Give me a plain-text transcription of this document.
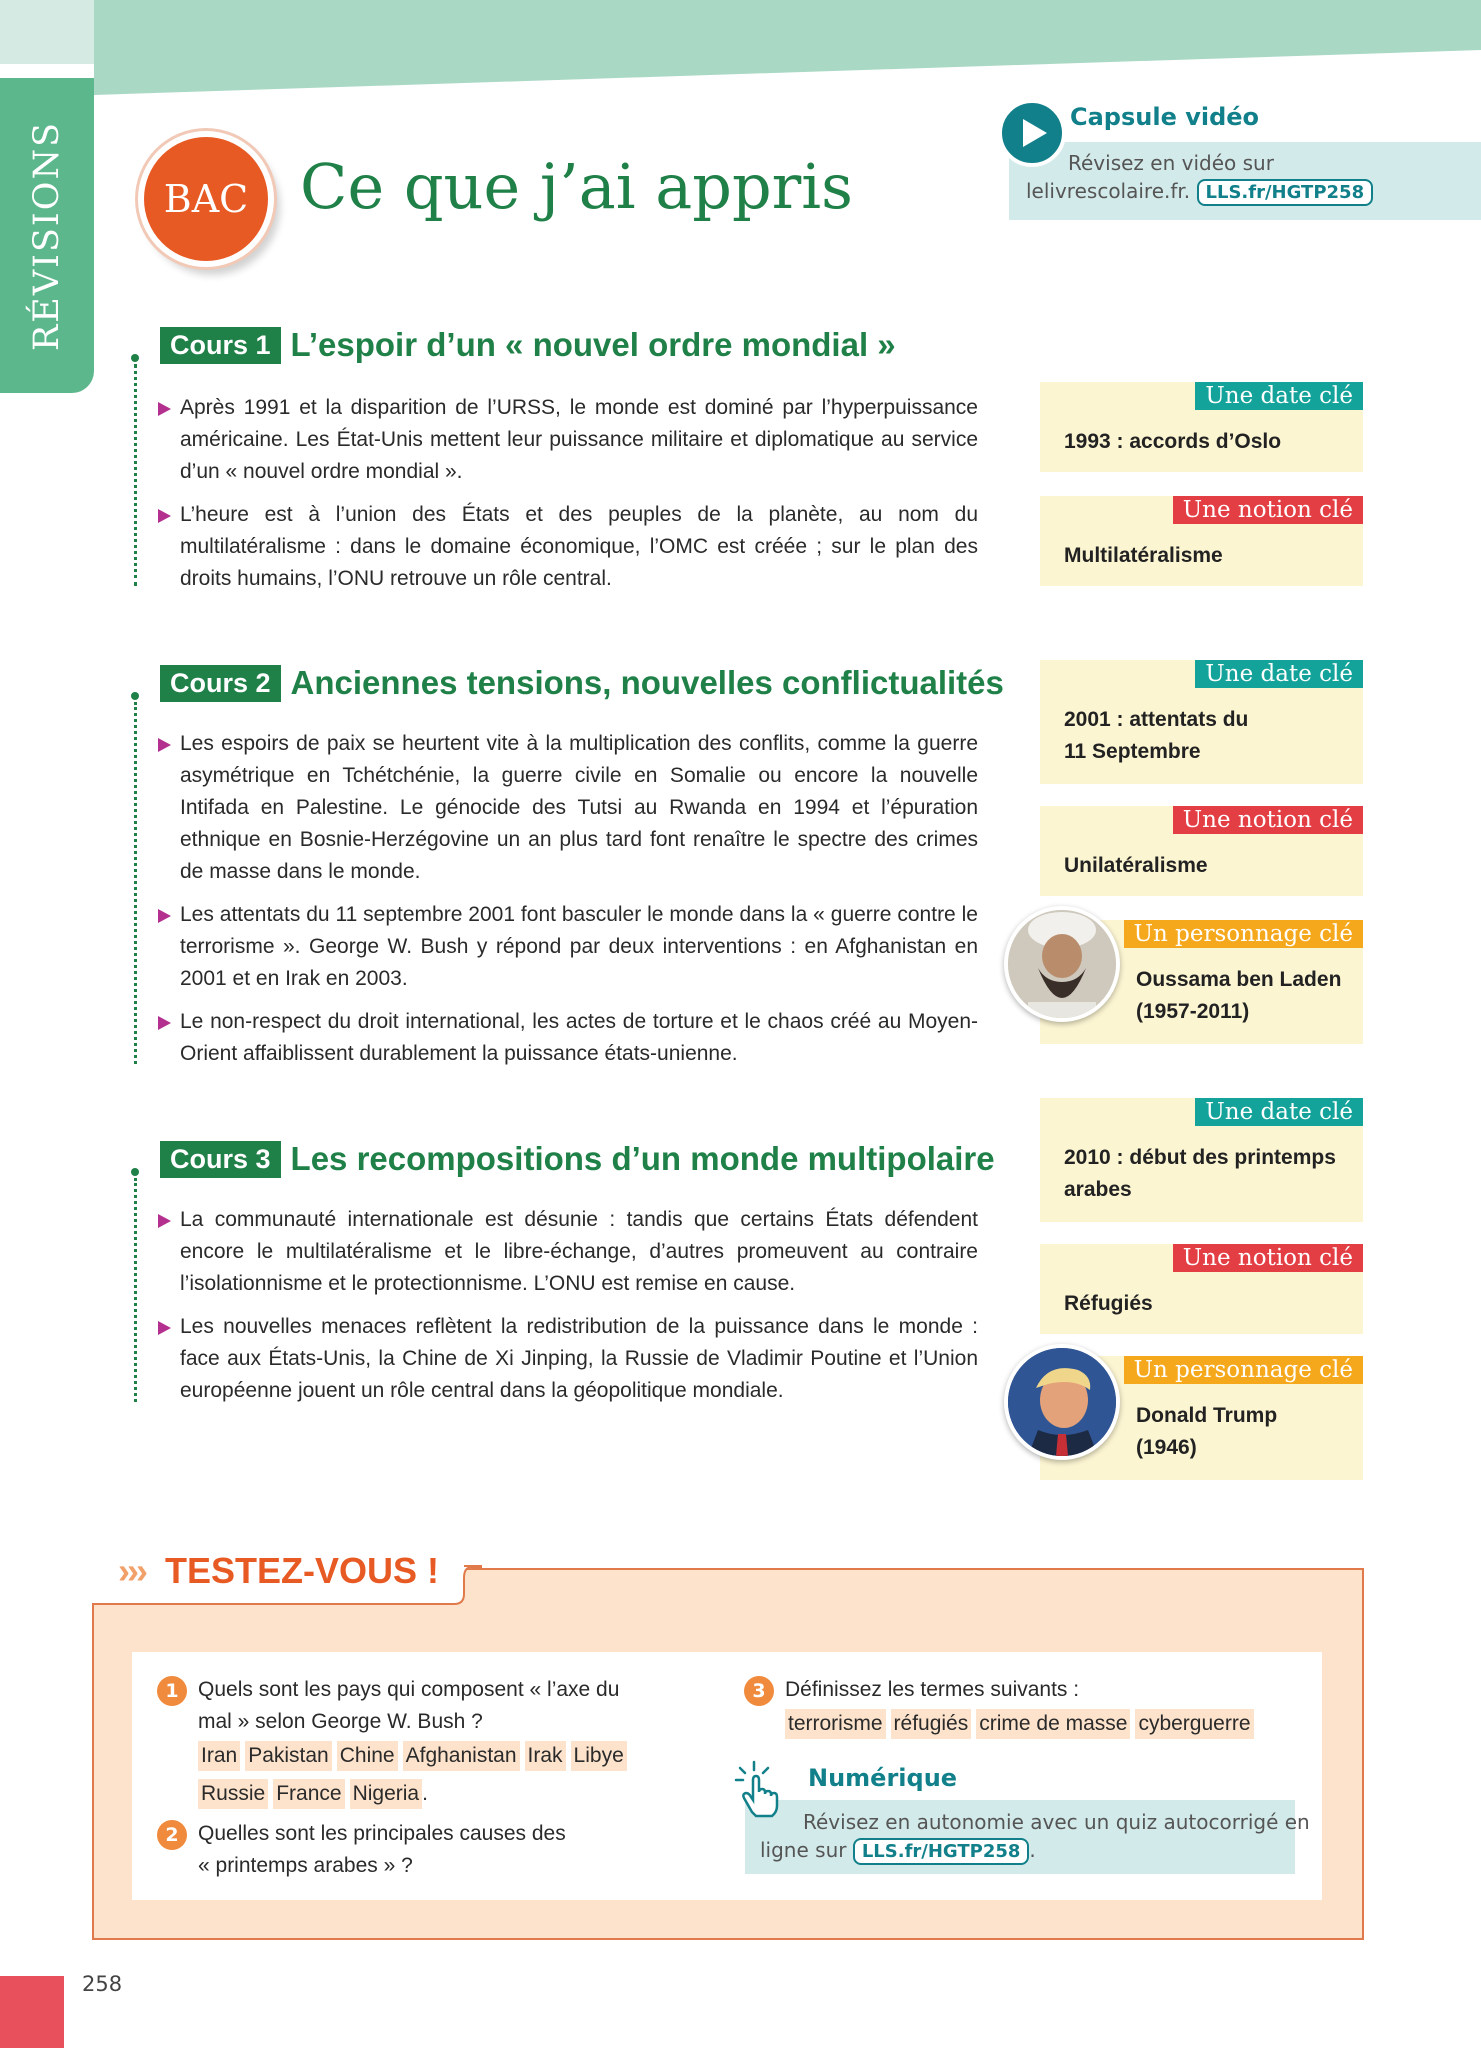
RÉVISIONS	BAC Ce que j’ai appris
Capsule vidéo
Révisez en vidéo sur
lelivrescolaire.fr. LLS.fr/HGTP258
Cours 1 L’espoir d’un « nouvel ordre mondial »
Après 1991 et la disparition de l’URSS, le monde est dominé par l’hyperpuissance américaine. Les État-Unis mettent leur puissance militaire et diplomatique au service d’un « nouvel ordre mondial ».
L’heure est à l’union des États et des peuples de la planète, au nom du multilatéralisme : dans le domaine économique, l’OMC est créée ; sur le plan des droits humains, l’ONU retrouve un rôle central.
Cours 2 Anciennes tensions, nouvelles conflictualités
Les espoirs de paix se heurtent vite à la multiplication des conflits, comme la guerre asymétrique en Tchétchénie, la guerre civile en Somalie ou encore la nouvelle Intifada en Palestine. Le génocide des Tutsi au Rwanda en 1994 et l’épuration ethnique en Bosnie-Herzégovine un an plus tard font renaître le spectre des crimes de masse dans le monde.
Les attentats du 11 septembre 2001 font basculer le monde dans la « guerre contre le terrorisme ». George W. Bush y répond par deux interventions : en Afghanistan en 2001 et en Irak en 2003.
Le non-respect du droit international, les actes de torture et le chaos créé au Moyen-Orient affaiblissent durablement la puissance états-unienne.
Cours 3 Les recompositions d’un monde multipolaire
La communauté internationale est désunie : tandis que certains États défendent encore le multilatéralisme et le libre-échange, d’autres promeuvent au contraire l’isolationnisme et le protectionnisme. L’ONU est remise en cause.
Les nouvelles menaces reflètent la redistribution de la puissance dans le monde : face aux États-Unis, la Chine de Xi Jinping, la Russie de Vladimir Poutine et l’Union européenne jouent un rôle central dans la géopolitique mondiale.
Une date clé
1993 : accords d’Oslo
Une notion clé
Multilatéralisme
Une date clé
2001 : attentats du
11 Septembre
Une notion clé
Unilatéralisme
Un personnage clé
Oussama ben Laden
(1957-2011)
Une date clé
2010 : début des printemps
arabes
Une notion clé
Réfugiés
Un personnage clé
Donald Trump
(1946)
››› TESTEZ-VOUS !
1 Quels sont les pays qui composent « l’axe du
mal » selon George W. Bush ?
Iran Pakistan Chine Afghanistan Irak Libye
Russie France Nigeria .
2 Quelles sont les principales causes des
« printemps arabes » ?
3 Définissez les termes suivants :
terrorisme réfugiés crime de masse cyberguerre
Numérique
Révisez en autonomie avec un quiz autocorrigé en
ligne sur LLS.fr/HGTP258 .
258
